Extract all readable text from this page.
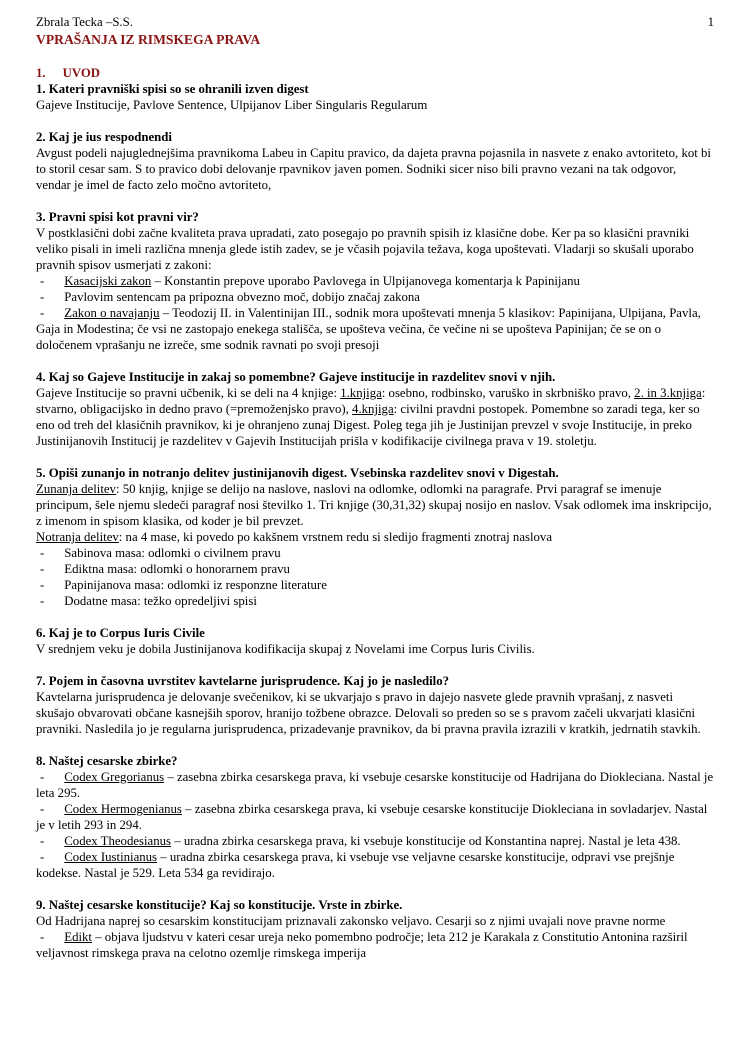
1
Zbrala Tecka –S.S.
VPRAŠANJA IZ RIMSKEGA PRAVA
1. UVOD
1. Kateri pravniški spisi so se ohranili izven digest
Gajeve Institucije, Pavlove Sentence, Ulpijanov Liber Singularis Regularum
2. Kaj je ius respodnendi
Avgust podeli najuglednejšima pravnikoma Labeu in Capitu pravico, da dajeta pravna pojasnila in nasvete z enako avtoriteto, kot bi to storil cesar sam. S to pravico dobi delovanje rpavnikov javen pomen. Sodniki sicer niso bili pravno vezani na tak odgovor, vendar je imel de facto zelo močno avtoriteto,
3. Pravni spisi kot pravni vir?
V postklasični dobi začne kvaliteta prava upradati, zato posegajo po pravnih spisih iz klasične dobe. Ker pa so klasični pravniki veliko pisali in imeli različna mnenja glede istih zadev, se je včasih pojavila težava, koga upoštevati. Vladarji so skušali uporabo pravnih spisov usmerjati z zakoni:
- Kasacijski zakon – Konstantin prepove uporabo Pavlovega in Ulpijanovega komentarja k Papinijanu
- Pavlovim sentencam pa pripozna obvezno moč, dobijo značaj zakona
- Zakon o navajanju – Teodozij II. in Valentinijan III., sodnik mora upoštevati mnenja 5 klasikov: Papinijana, Ulpijana, Pavla, Gaja in Modestina; če vsi ne zastopajo enekega stališča, se upošteva večina, če večine ni se upošteva Papinijan; če se on o določenem vprašanju ne izreče, sme sodnik ravnati po svoji presoji
4. Kaj so Gajeve Institucije in zakaj so pomembne? Gajeve institucije in razdelitev snovi v njih.
Gajeve Institucije so pravni učbenik, ki se deli na 4 knjige: 1.knjiga: osebno, rodbinsko, varuško in skrbniško pravo, 2. in 3.knjiga: stvarno, obligacijsko in dedno pravo (=premoženjsko pravo), 4.knjiga: civilni pravdni postopek. Pomembne so zaradi tega, ker so eno od treh del klasičnih pravnikov, ki je ohranjeno zunaj Digest. Poleg tega jih je Justinijan prevzel v svoje Institucije, in preko Justinijanovih Institucij je razdelitev v Gajevih Institucijah prišla v kodifikacije civilnega prava v 19. stoletju.
5. Opiši zunanjo in notranjo delitev justinijanovih digest. Vsebinska razdelitev snovi v Digestah.
Zunanja delitev: 50 knjig, knjige se delijo na naslove, naslovi na odlomke, odlomki na paragrafe. Prvi paragraf se imenuje principum, šele njemu sledeči paragraf nosi številko 1. Tri knjige (30,31,32) skupaj nosijo en naslov. Vsak odlomek ima inskripcijo, z imenom in spisom klasika, od koder je bil prevzet.
Notranja delitev: na 4 mase, ki povedo po kakšnem vrstnem redu si sledijo fragmenti znotraj naslova
- Sabinova masa: odlomki o civilnem pravu
- Ediktna masa: odlomki o honorarnem pravu
- Papinijanova masa: odlomki iz responzne literature
- Dodatne masa: težko opredeljivi spisi
6. Kaj je to Corpus Iuris Civile
V srednjem veku je dobila Justinijanova kodifikacija skupaj z Novelami ime Corpus Iuris Civilis.
7. Pojem in časovna uvrstitev kavtelarne jurisprudence. Kaj jo je nasledilo?
Kavtelarna jurisprudenca je delovanje svečenikov, ki se ukvarjajo s pravo in dajejo nasvete glede pravnih vprašanj, z nasveti skušajo obvarovati občane kasnejših sporov, hranijo tožbene obrazce. Delovali so preden so se s pravom začeli ukvarjati klasični pravniki. Nasledila jo je regularna jurisprudenca, prizadevanje pravnikov, da bi pravna pravila izrazili v kratkih, jedrnatih stavkih.
8. Naštej cesarske zbirke?
- Codex Gregorianus – zasebna zbirka cesarskega prava, ki vsebuje cesarske konstitucije od Hadrijana do Diokleciana. Nastal je leta 295.
- Codex Hermogenianus – zasebna zbirka cesarskega prava, ki vsebuje cesarske konstitucije Diokleciana in sovladarjev. Nastal je v letih 293 in 294.
- Codex Theodesianus – uradna zbirka cesarskega prava, ki vsebuje konstitucije od Konstantina naprej. Nastal je leta 438.
- Codex Iustinianus – uradna zbirka cesarskega prava, ki vsebuje vse veljavne cesarske konstitucije, odpravi vse prejšnje kodekse. Nastal je 529. Leta 534 ga revidirajo.
9. Naštej cesarske konstitucije? Kaj so konstitucije. Vrste in zbirke.
Od Hadrijana naprej so cesarskim konstitucijam priznavali zakonsko veljavo. Cesarji so z njimi uvajali nove pravne norme
- Edikt – objava ljudstvu v kateri cesar ureja neko pomembno področje; leta 212 je Karakala z Constitutio Antonina razširil veljavnost rimskega prava na celotno ozemlje rimskega imperija
